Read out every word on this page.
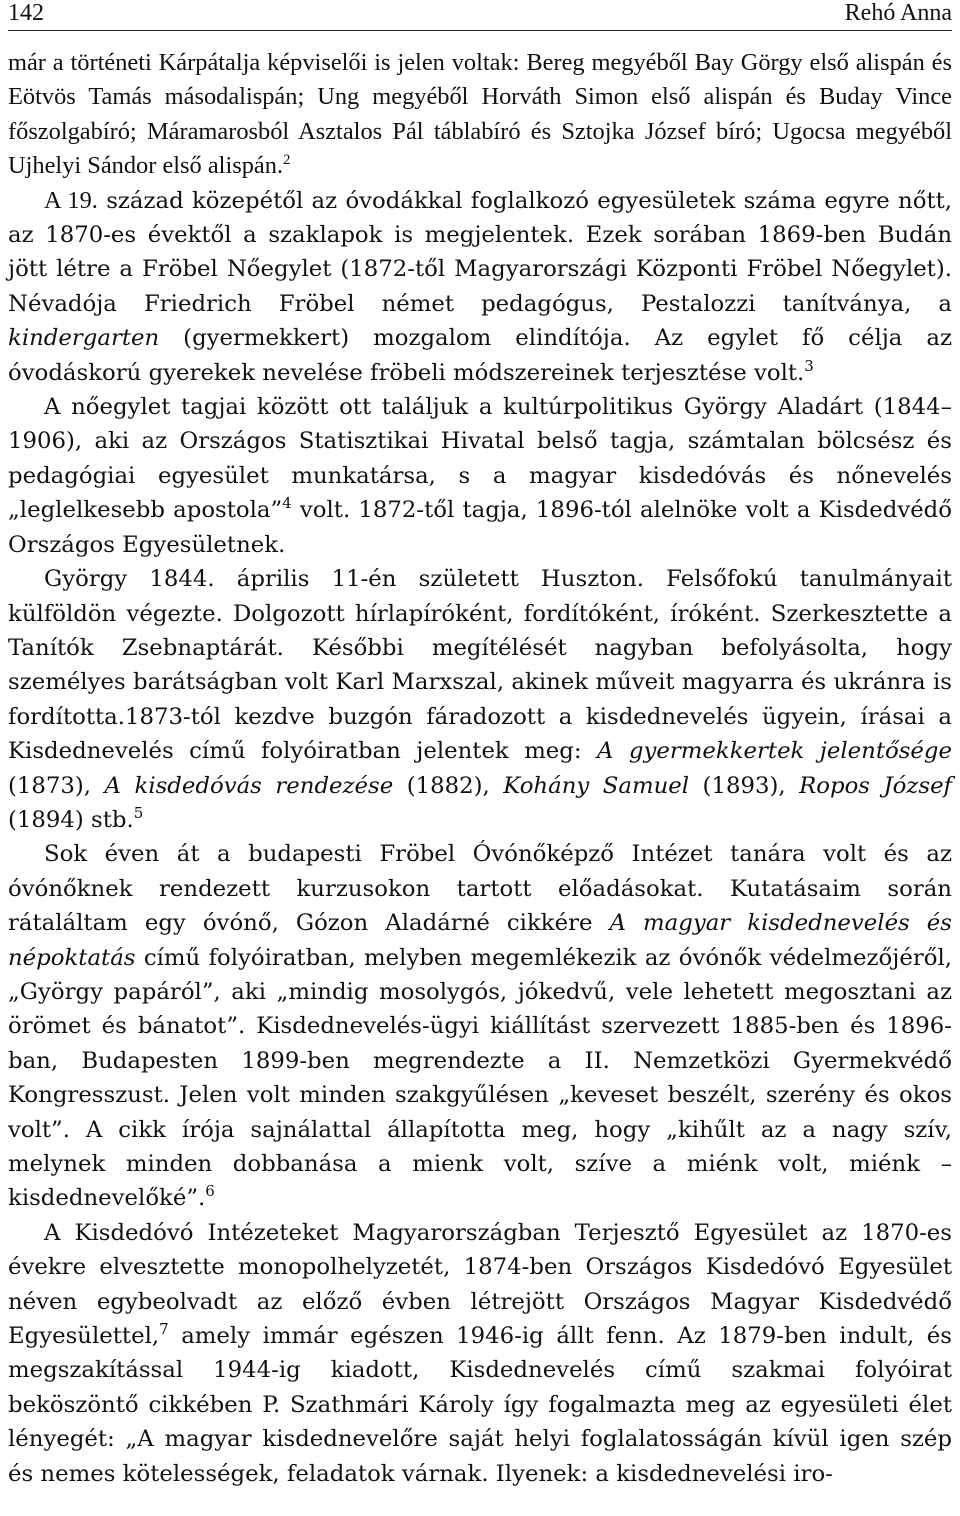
142	Rehó Anna

már a történeti Kárpátalja képviselői is jelen voltak: Bereg megyéből Bay Görgy első alispán és Eötvös Tamás másodalispán; Ung megyéből Horváth Simon első alispán és Buday Vince főszolgabíró; Máramarosból Asztalos Pál táblabíró és Sztojka József bíró; Ugocsa megyéből Ujhelyi Sándor első alispán.$^2$

A 19. század közepétől az óvodákkal foglalkozó egyesületek száma egyre nőtt, az 1870-es évektől a szaklapok is megjelentek. Ezek sorában 1869-ben Budán jött létre a Fröbel Nőegylet (1872-től Magyarországi Központi Fröbel Nőegylet). Névadója Friedrich Fröbel német pedagógus, Pestalozzi tanítványa, a kindergarten (gyermekkert) mozgalom elindítója. Az egylet fő célja az óvodáskorú gyerekek nevelése fröbeli módszereinek terjesztése volt.$^3$

A nőegylet tagjai között ott találjuk a kultúrpolitikus György Aladárt (1844–1906), aki az Országos Statisztikai Hivatal belső tagja, számtalan bölcsész és pedagógiai egyesület munkatársa, s a magyar kisdedóvás és nőnevelés „leglelkesebb apostola”$^4$ volt. 1872-től tagja, 1896-tól alelnöke volt a Kisdedvédő Országos Egyesületnek.

György 1844. április 11-én született Huszton. Felsőfokú tanulmányait külföldön végezte. Dolgozott hírlapíróként, fordítóként, íróként. Szerkesztette a Tanítók Zsebnaptárát. Későbbi megítélését nagyban befolyásolta, hogy személyes barátságban volt Karl Marxszal, akinek műveit magyarra és ukránra is fordította.1873-tól kezdve buzgón fáradozott a kisdednevelés ügyein, írásai a Kisdednevelés című folyóiratban jelentek meg: A gyermekkertek jelentősége (1873), A kisdedóvás rendezése (1882), Kohány Samuel (1893), Ropos József (1894) stb.$^5$

Sok éven át a budapesti Fröbel Óvónőképző Intézet tanára volt és az óvónőknek rendezett kurzusokon tartott előadásokat. Kutatásaim során rátaláltam egy óvónő, Gózon Aladárné cikkére A magyar kisdednevelés és népoktatás című folyóiratban, melyben megemlékezik az óvónők védelmezőjéről, „György papáról”, aki „mindig mosolygós, jókedvű, vele lehetett megosztani az örömet és bánatot”. Kisdednevelés-ügyi kiállítást szervezett 1885-ben és 1896-ban, Budapesten 1899-ben megrendezte a II. Nemzetközi Gyermekvédő Kongresszust. Jelen volt minden szakgyűlésen „keveset beszélt, szerény és okos volt”. A cikk írója sajnálattal állapította meg, hogy „kihűlt az a nagy szív, melynek minden dobbanása a mienk volt, szíve a miénk volt, miénk – kisdednevelőké”.$^6$

A Kisdedóvó Intézeteket Magyarországban Terjesztő Egyesület az 1870-es évekre elvesztette monopolhelyzetét, 1874-ben Országos Kisdedóvó Egyesület néven egybeolvadt az előző évben létrejött Országos Magyar Kisdedvédő Egyesülettel,$^7$ amely immár egészen 1946-ig állt fenn. Az 1879-ben indult, és megszakítással 1944-ig kiadott, Kisdednevelés című szakmai folyóirat beköszöntő cikkében P. Szathmári Károly így fogalmazta meg az egyesületi élet lényegét: „A magyar kisdednevelőre saját helyi foglalatosságán kívül igen szép és nemes kötelességek, feladatok várnak. Ilyenek: a kisdednevelési iro-
